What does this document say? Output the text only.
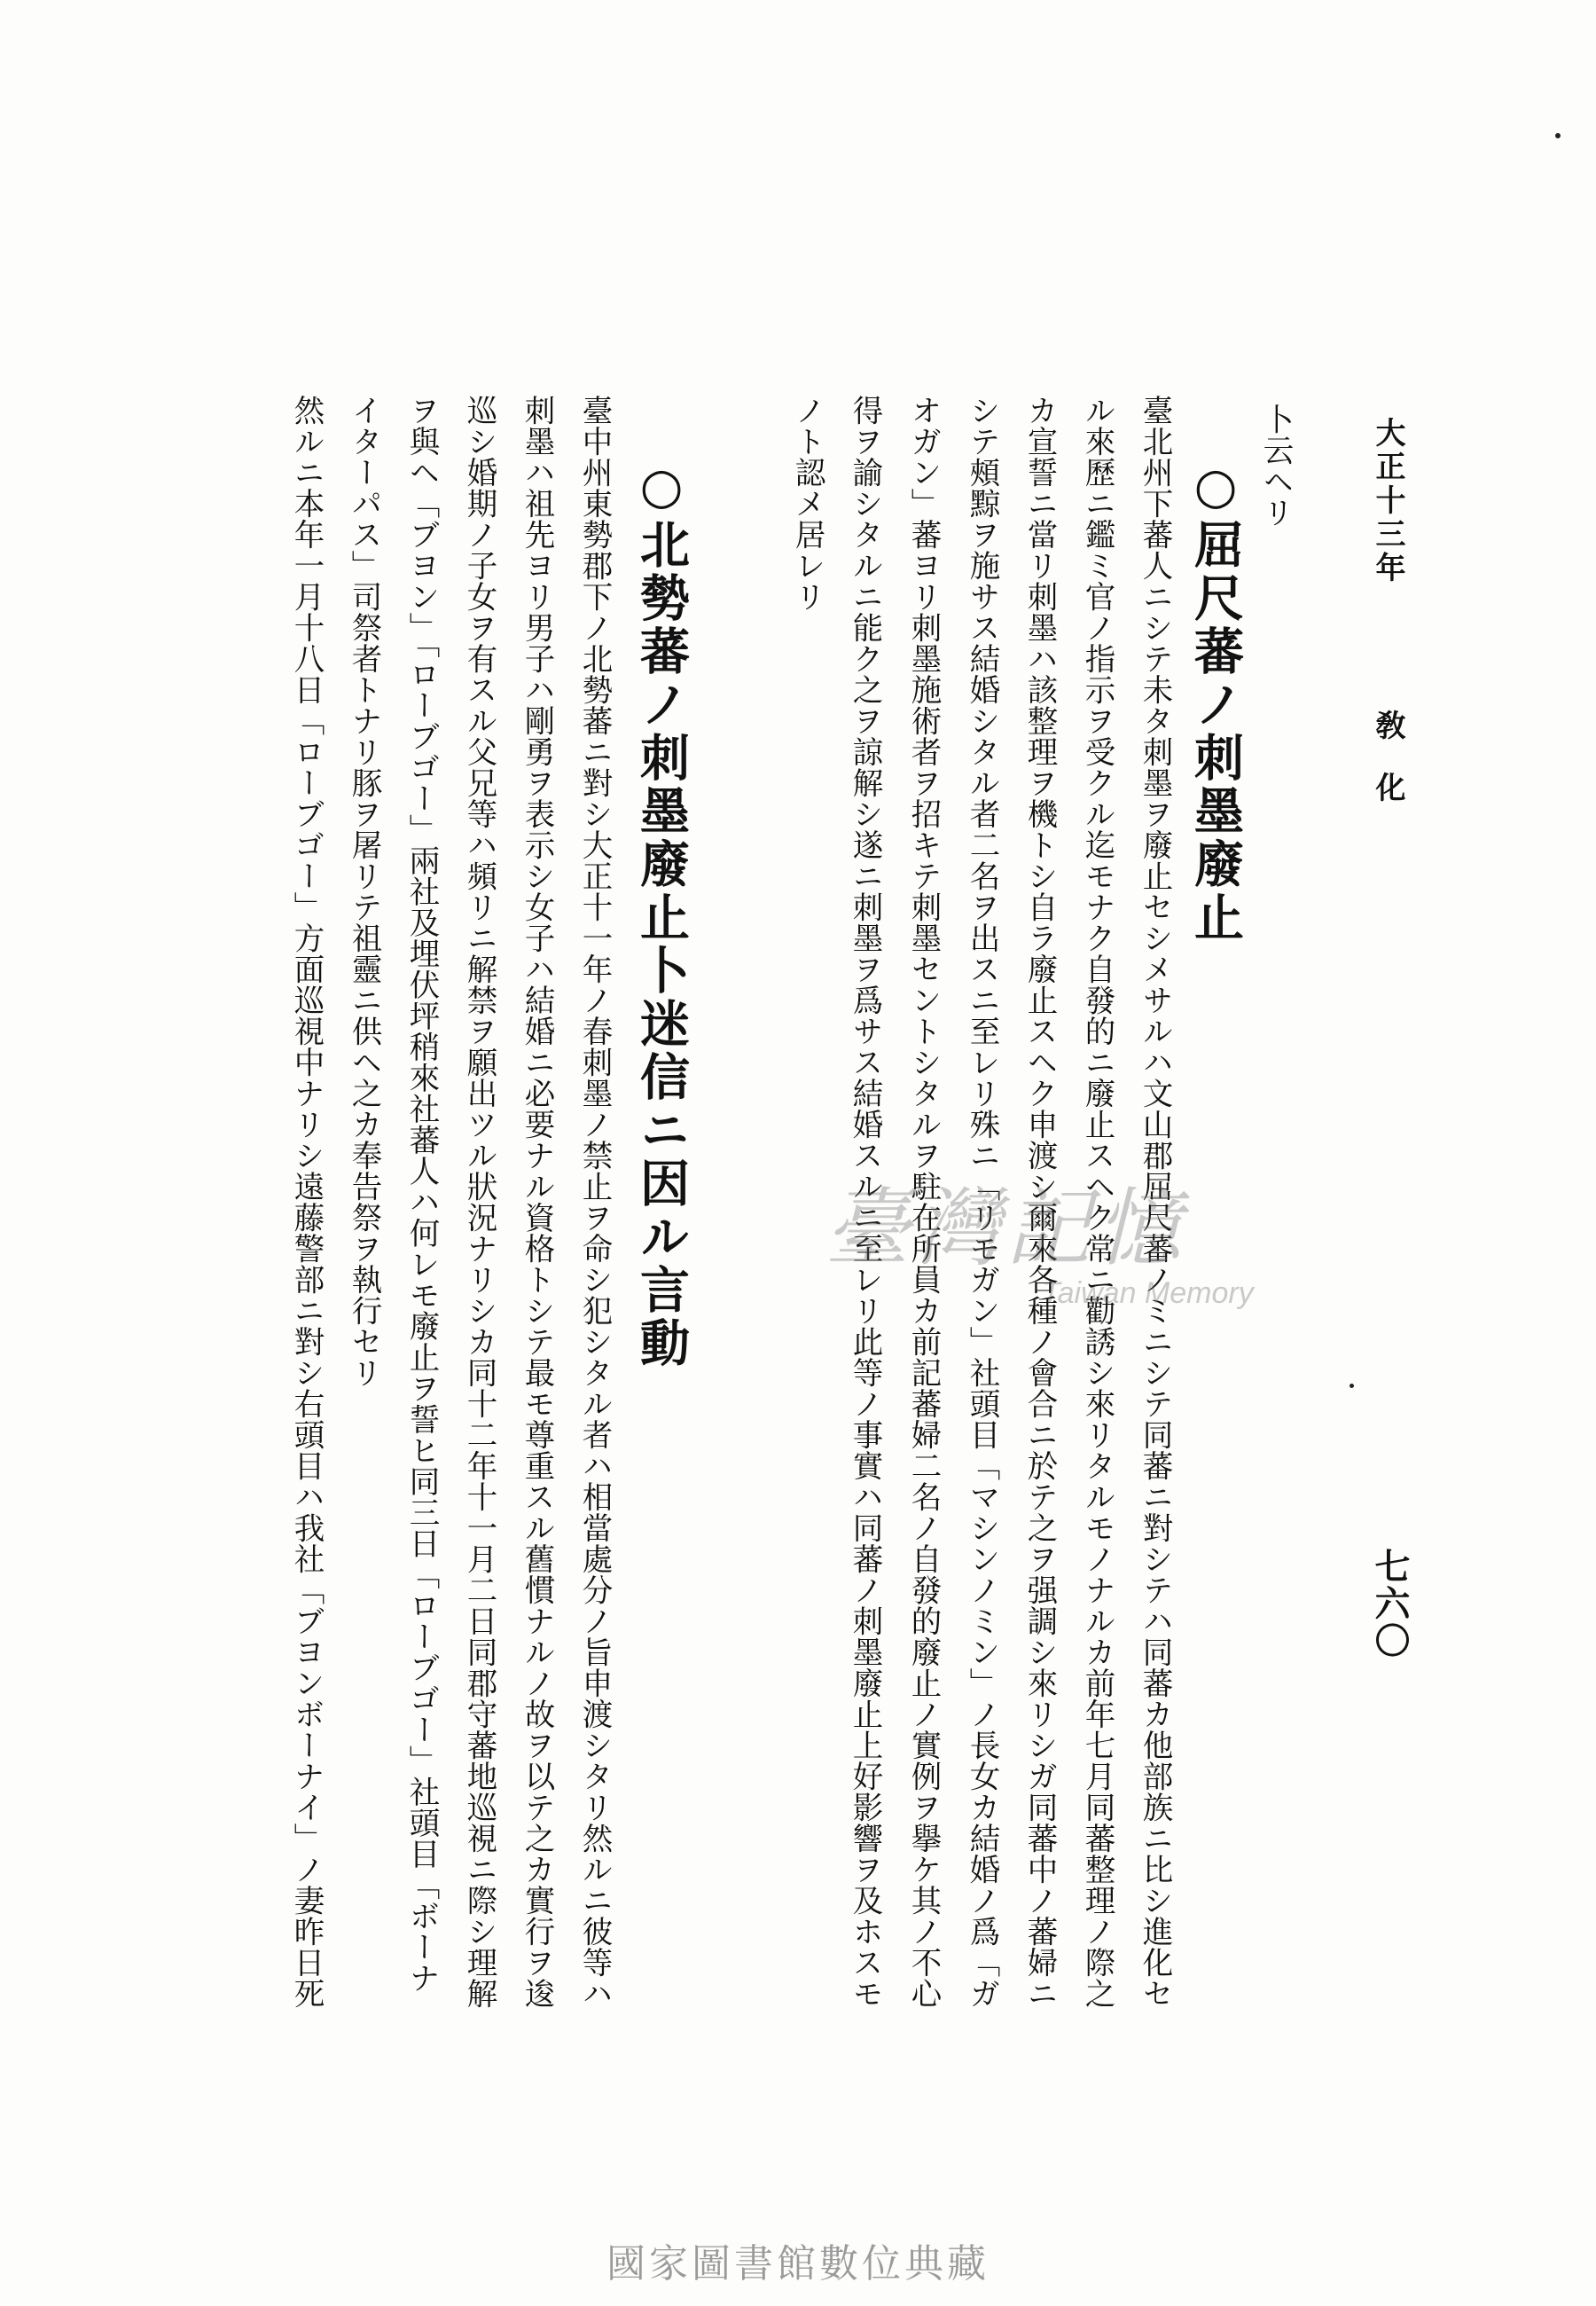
大正十三年
敎化
七六〇
卜云ヘリ
○屈尺蕃ノ刺墨廢止
臺北州下蕃人ニシテ未タ刺墨ヲ廢止セシメサルハ文山郡屈尺蕃ノミニシテ同蕃ニ對シテハ同蕃カ他部族ニ比シ進化セ
ル來歷ニ鑑ミ官ノ指示ヲ受クル迄モナク自發的ニ廢止スヘク常ニ勸誘シ來リタルモノナルカ前年七月同蕃整理ノ際之
カ宣誓ニ當リ刺墨ハ該整理ヲ機トシ自ラ廢止スヘク申渡シ爾來各種ノ會合ニ於テ之ヲ强調シ來リシガ同蕃中ノ蕃婦ニ
シテ頰黥ヲ施サス結婚シタル者二名ヲ出スニ至レリ殊ニ「リモガン」社頭目「マシンノミン」ノ長女カ結婚ノ爲「ガ
オガン」蕃ヨリ刺墨施術者ヲ招キテ刺墨セントシタルヲ駐在所員カ前記蕃婦二名ノ自發的廢止ノ實例ヲ擧ケ其ノ不心
得ヲ諭シタルニ能ク之ヲ諒解シ遂ニ刺墨ヲ爲サス結婚スルニ至レリ此等ノ事實ハ同蕃ノ刺墨廢止上好影響ヲ及ホスモ
ノト認メ居レリ
○北勢蕃ノ刺墨廢止卜迷信ニ因ル言動
臺中州東勢郡下ノ北勢蕃ニ對シ大正十一年ノ春刺墨ノ禁止ヲ命シ犯シタル者ハ相當處分ノ旨申渡シタリ然ルニ彼等ハ
刺墨ハ祖先ヨリ男子ハ剛勇ヲ表示シ女子ハ結婚ニ必要ナル資格トシテ最モ尊重スル舊慣ナルノ故ヲ以テ之カ實行ヲ逡
巡シ婚期ノ子女ヲ有スル父兄等ハ頻リニ解禁ヲ願出ツル狀況ナリシカ同十二年十一月二日同郡守蕃地巡視ニ際シ理解
ヲ與ヘ「ブヨン」「ローブゴー」兩社及埋伏坪稍來社蕃人ハ何レモ廢止ヲ誓ヒ同三日「ローブゴー」社頭目「ボーナ
イターパス」司祭者トナリ豚ヲ屠リテ祖靈ニ供ヘ之カ奉告祭ヲ執行セリ
然ルニ本年一月十八日「ローブゴー」方面巡視中ナリシ遠藤警部ニ對シ右頭目ハ我社「ブヨンボーナイ」ノ妻昨日死	臺灣記憶
Taiwan Memory
國家圖書館數位典藏
